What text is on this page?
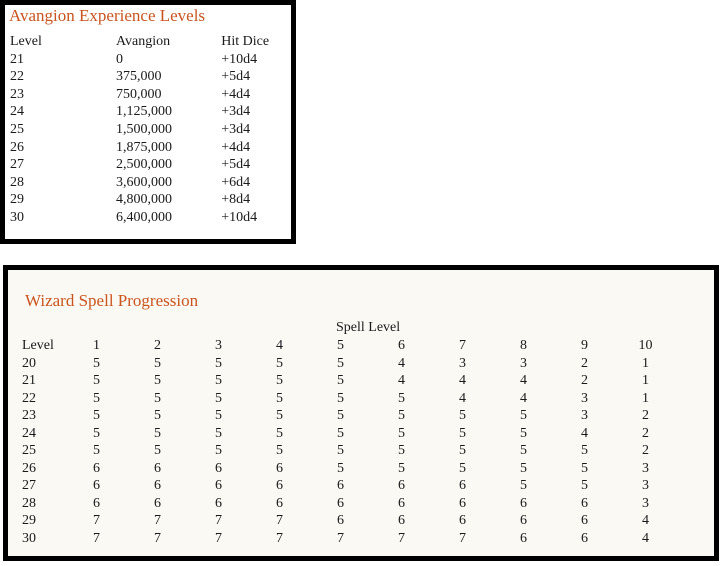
Avangion Experience Levels
Level	Avangion	Hit Dice
21	0	+10d4
22	375,000	+5d4
23	750,000	+4d4
24	1,125,000	+3d4
25	1,500,000	+3d4
26	1,875,000	+4d4
27	2,500,000	+5d4
28	3,600,000	+6d4
29	4,800,000	+8d4
30	6,400,000	+10d4
Wizard Spell Progression
Spell Level
Level	1	2	3	4	5	6	7	8	9	10
20	5	5	5	5	5	4	3	3	2	1
21	5	5	5	5	5	4	4	4	2	1
22	5	5	5	5	5	5	4	4	3	1
23	5	5	5	5	5	5	5	5	3	2
24	5	5	5	5	5	5	5	5	4	2
25	5	5	5	5	5	5	5	5	5	2
26	6	6	6	6	5	5	5	5	5	3
27	6	6	6	6	6	6	6	5	5	3
28	6	6	6	6	6	6	6	6	6	3
29	7	7	7	7	6	6	6	6	6	4
30	7	7	7	7	7	7	7	6	6	4
